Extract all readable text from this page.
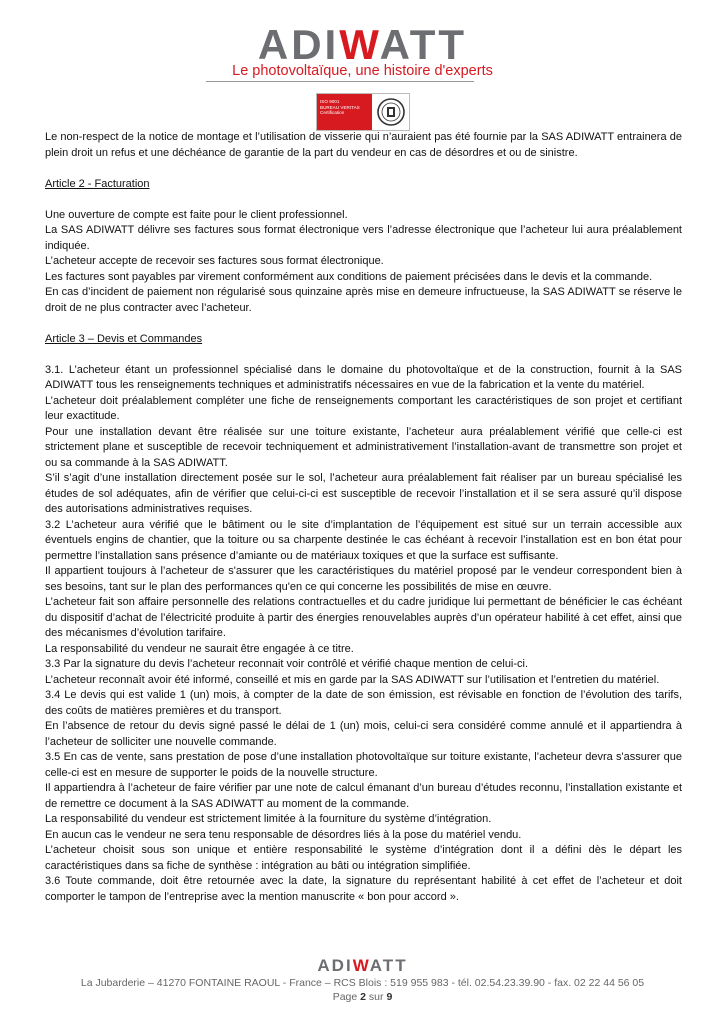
ADIWATT
Le photovoltaïque, une histoire d'experts
ISO 9001
BUREAU VERITAS
Certification

Le non-respect de la notice de montage et l’utilisation de visserie qui n’auraient pas été fournie par la SAS ADIWATT entrainera de plein droit un refus et une déchéance de garantie de la part du vendeur en cas de désordres et ou de sinistre.

Article 2 - Facturation

Une ouverture de compte est faite pour le client professionnel.

La SAS ADIWATT délivre ses factures sous format électronique vers l’adresse électronique que l’acheteur lui aura préalablement indiquée.

L’acheteur accepte de recevoir ses factures sous format électronique.

Les factures sont payables par virement conformément aux conditions de paiement précisées dans le devis et la commande.

En cas d’incident de paiement non régularisé sous quinzaine après mise en demeure infructueuse, la SAS ADIWATT se réserve le droit de ne plus contracter avec l’acheteur.

Article 3 – Devis et Commandes

3.1. L’acheteur étant un professionnel spécialisé dans le domaine du photovoltaïque et de la construction, fournit à la SAS ADIWATT tous les renseignements techniques et administratifs nécessaires en vue de la fabrication et la vente du matériel.

L’acheteur doit préalablement compléter une fiche de renseignements comportant les caractéristiques de son projet et certifiant leur exactitude.

Pour une installation devant être réalisée sur une toiture existante, l’acheteur aura préalablement vérifié que celle-ci est strictement plane et susceptible de recevoir techniquement et administrativement l’installation-avant de transmettre son projet et ou sa commande à la SAS ADIWATT.

S’il s’agit d’une installation directement posée sur le sol, l’acheteur aura préalablement fait réaliser par un bureau spécialisé les études de sol adéquates, afin de vérifier que celui-ci-ci est susceptible de recevoir l’installation et il se sera assuré qu’il dispose des autorisations administratives requises.

3.2 L’acheteur aura vérifié que le bâtiment ou le site d’implantation de l’équipement est situé sur un terrain accessible aux éventuels engins de chantier, que la toiture ou sa charpente destinée le cas échéant à recevoir l’installation est en bon état pour permettre l’installation sans présence d’amiante ou de matériaux toxiques et que la surface est suffisante.

Il appartient toujours à l’acheteur de s'assurer que les caractéristiques du matériel proposé par le vendeur correspondent bien à ses besoins, tant sur le plan des performances qu'en ce qui concerne les possibilités de mise en œuvre.

L’acheteur fait son affaire personnelle des relations contractuelles et du cadre juridique lui permettant de bénéficier le cas échéant du dispositif d’achat de l’électricité produite à partir des énergies renouvelables auprès d’un opérateur habilité à cet effet, ainsi que des mécanismes d’évolution tarifaire.

La responsabilité du vendeur ne saurait être engagée à ce titre.

3.3 Par la signature du devis l’acheteur reconnait voir contrôlé et vérifié chaque mention de celui-ci.

L’acheteur reconnaît avoir été informé, conseillé et mis en garde par la SAS ADIWATT sur l’utilisation et l’entretien du matériel.

3.4 Le devis qui est valide 1 (un) mois, à compter de la date de son émission, est révisable en fonction de l’évolution des tarifs, des coûts de matières premières et du transport.

En l’absence de retour du devis signé passé le délai de 1 (un) mois, celui-ci sera considéré comme annulé et il appartiendra à l’acheteur de solliciter une nouvelle commande.

3.5 En cas de vente, sans prestation de pose d’une installation photovoltaïque sur toiture existante, l’acheteur devra s'assurer que celle-ci est en mesure de supporter le poids de la nouvelle structure.

Il appartiendra à l’acheteur de faire vérifier par une note de calcul émanant d’un bureau d’études reconnu, l’installation existante et de remettre ce document à la SAS ADIWATT au moment de la commande.

La responsabilité du vendeur est strictement limitée à la fourniture du système d’intégration.

En aucun cas le vendeur ne sera tenu responsable de désordres liés à la pose du matériel vendu.

L’acheteur choisit sous son unique et entière responsabilité le système d’intégration dont il a défini dès le départ les caractéristiques dans sa fiche de synthèse : intégration au bâti ou intégration simplifiée.

3.6 Toute commande, doit être retournée avec la date, la signature du représentant habilité à cet effet de l’acheteur et doit comporter le tampon de l’entreprise avec la mention manuscrite « bon pour accord ».

ADIWATT
La Jubarderie – 41270 FONTAINE RAOUL - France – RCS Blois : 519 955 983 - tél. 02.54.23.39.90 - fax. 02 22 44 56 05
Page 2 sur 9
